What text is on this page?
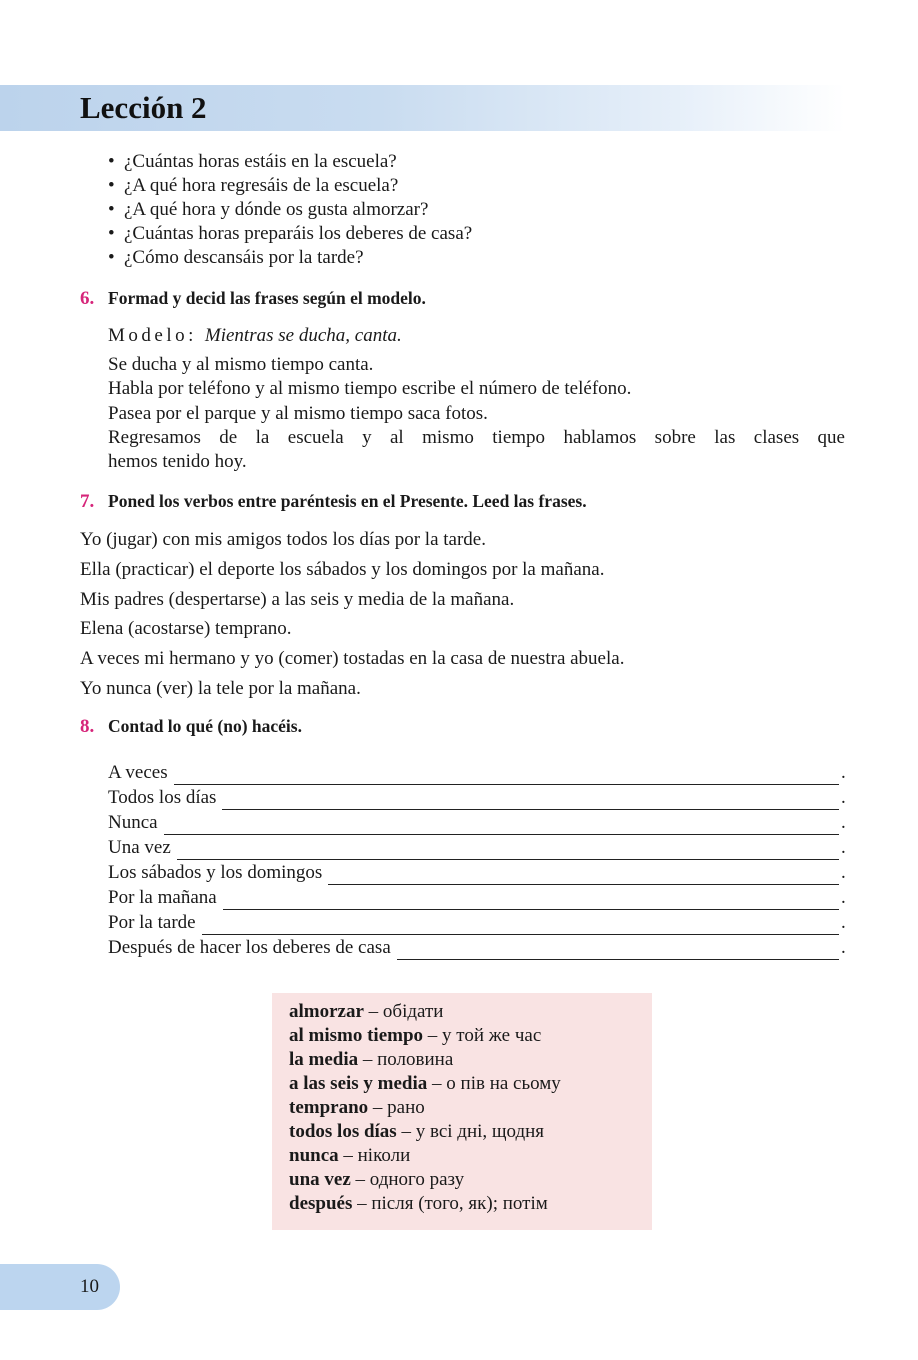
Lección 2
• ¿Cuántas horas estáis en la escuela?
• ¿A qué hora regresáis de la escuela?
• ¿A qué hora y dónde os gusta almorzar?
• ¿Cuántas horas preparáis los deberes de casa?
• ¿Cómo descansáis por la tarde?
6. Formad y decid las frases según el modelo.
Modelo: Mientras se ducha, canta.
Se ducha y al mismo tiempo canta.
Habla por teléfono y al mismo tiempo escribe el número de teléfono.
Pasea por el parque y al mismo tiempo saca fotos.
Regresamos de la escuela y al mismo tiempo hablamos sobre las clases que
hemos tenido hoy.
7. Poned los verbos entre paréntesis en el Presente. Leed las frases.
Yo (jugar) con mis amigos todos los días por la tarde.
Ella (practicar) el deporte los sábados y los domingos por la mañana.
Mis padres (despertarse) a las seis y media de la mañana.
Elena (acostarse) temprano.
A veces mi hermano y yo (comer) tostadas en la casa de nuestra abuela.
Yo nunca (ver) la tele por la mañana.
8. Contad lo qué (no) hacéis.
A veces	.
Todos los días	.
Nunca	.
Una vez	.
Los sábados y los domingos	.
Por la mañana	.
Por la tarde	.
Después de hacer los deberes de casa	.
almorzar – обідати
al mismo tiempo – у той же час
la media – половина
a las seis y media – о пів на сьому
temprano – рано
todos los días – у всі дні, щодня
nunca – ніколи
una vez – одного разу
después – після (того, як); потім
10
